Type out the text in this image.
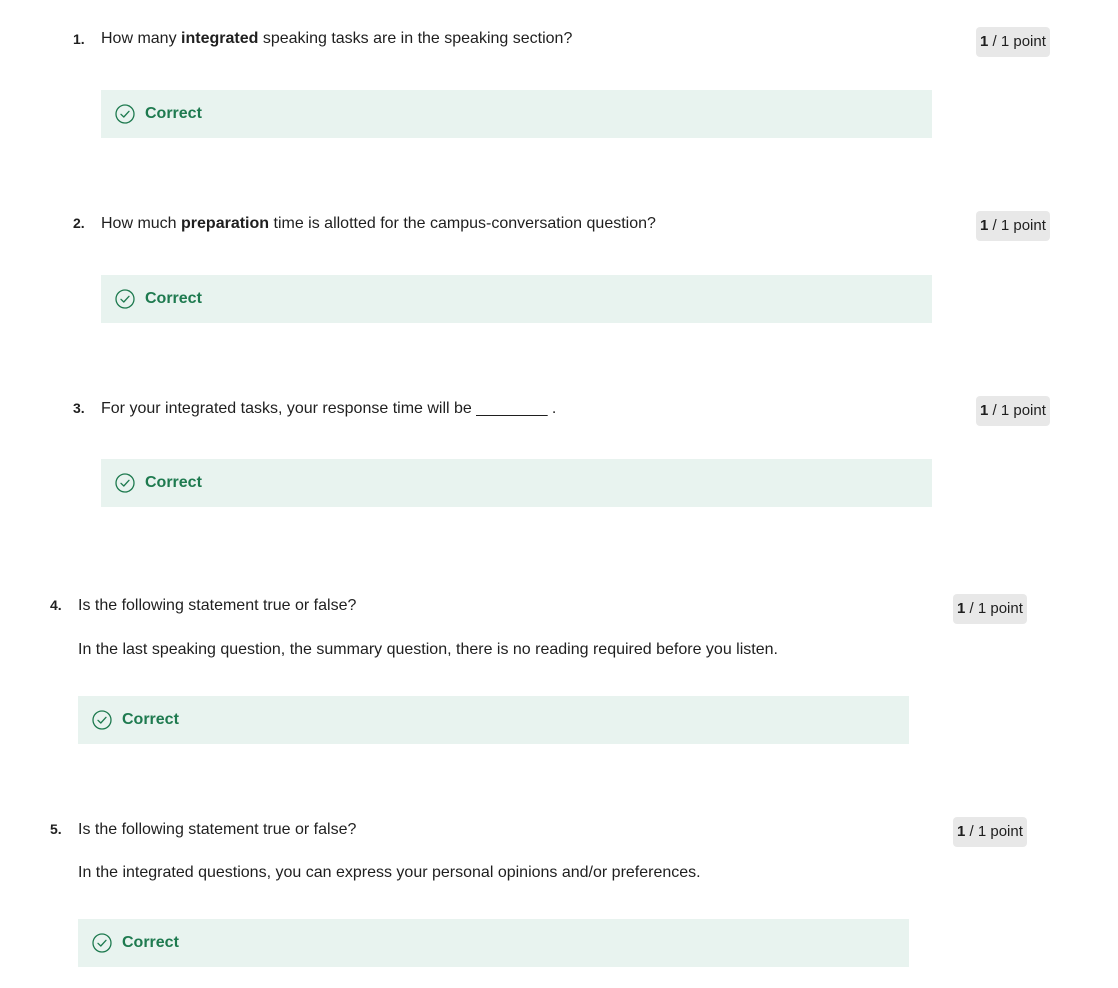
1. How many integrated speaking tasks are in the speaking section?	1 / 1 point
Correct
2. How much preparation time is allotted for the campus-conversation question?	1 / 1 point
Correct
3. For your integrated tasks, your response time will be ________ .	1 / 1 point
Correct
4. Is the following statement true or false?
In the last speaking question, the summary question, there is no reading required before you listen.
1 / 1 point
Correct
5. Is the following statement true or false?
In the integrated questions, you can express your personal opinions and/or preferences.
1 / 1 point
Correct
